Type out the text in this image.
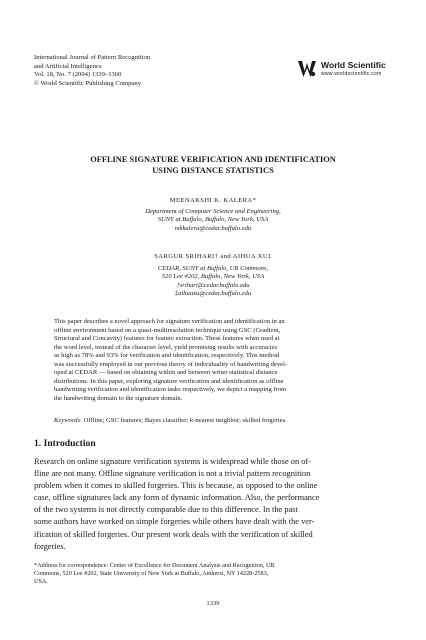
International Journal of Pattern Recognition
and Artificial Intelligence
Vol. 18, No. 7 (2004) 1339–1360
© World Scientific Publishing Company
World Scientific
www.worldscientific.com
OFFLINE SIGNATURE VERIFICATION AND IDENTIFICATION
USING DISTANCE STATISTICS
MEENAKSHI K. KALERA*
Department of Computer Science and Engineering,
SUNY at Buffalo, Buffalo, New York, USA
mkkalera@cedar.buffalo.edu
SARGUR SRIHARI† and AIHUA XU‡
CEDAR, SUNY at Buffalo, UB Commons,
520 Lee #202, Buffalo, New York, USA
†srihari@cedar.buffalo.edu
‡aihuaxu@cedar.buffalo.edu
This paper describes a novel approach for signature verification and identification in an
offline environment based on a quasi-multiresolution technique using GSC (Gradient,
Structural and Concavity) features for feature extraction. These features when used at
the word level, instead of the character level, yield promising results with accuracies
as high as 78% and 93% for verification and identification, respectively. This method
was successfully employed in our previous theory of individuality of handwriting devel-
oped at CEDAR — based on obtaining within and between writer statistical distance
distributions. In this paper, exploring signature verification and identification as offline
handwriting verification and identification tasks respectively, we depict a mapping from
the handwriting domain to the signature domain.
Keywords: Offline; GSC features; Bayes classifier; k-nearest neighbor; skilled forgeries.
1. Introduction
Research on online signature verification systems is widespread while those on of-
fline are not many. Offline signature verification is not a trivial pattern recognition
problem when it comes to skilled forgeries. This is because, as opposed to the online
case, offline signatures lack any form of dynamic information. Also, the performance
of the two systems is not directly comparable due to this difference. In the past
some authors have worked on simple forgeries while others have dealt with the ver-
ification of skilled forgeries. Our present work deals with the verification of skilled
forgeries.
*Address for correspondence: Center of Excellence for Document Analysis and Recognition, UB
Commons, 520 Lee #202, State University of New York at Buffalo, Amherst, NY 14228-2583,
USA.
1339
